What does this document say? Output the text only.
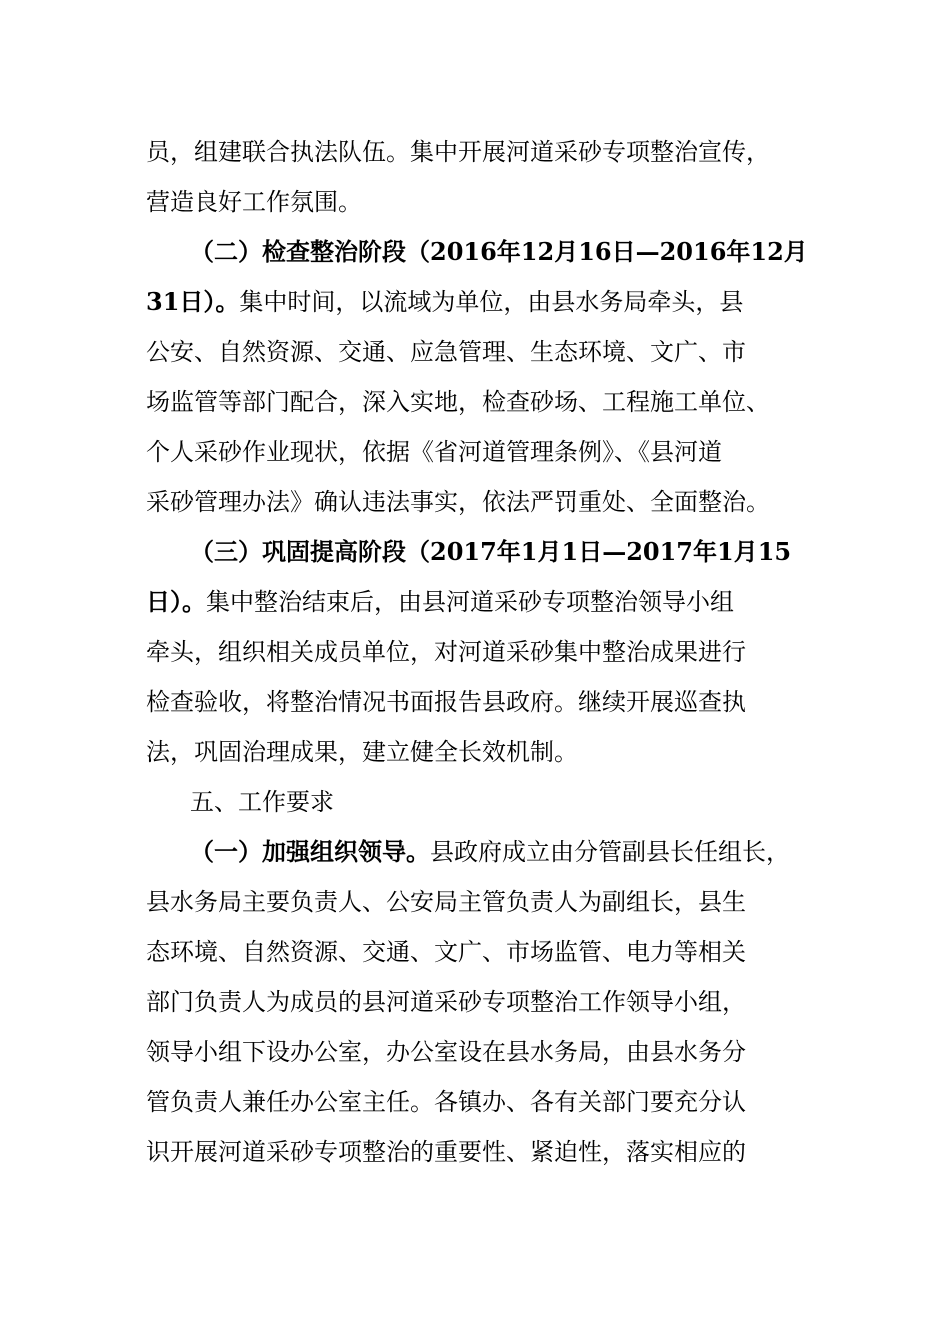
员，组建联合执法队伍。集中开展河道采砂专项整治宣传，
营造良好工作氛围。
（二）检查整治阶段（2016年12月16日—2016年12月
31日）。集中时间，以流域为单位，由县水务局牵头，县
公安、自然资源、交通、应急管理、生态环境、文广、市
场监管等部门配合，深入实地，检查砂场、工程施工单位、
个人采砂作业现状，依据《省河道管理条例》、《县河道
采砂管理办法》确认违法事实，依法严罚重处、全面整治。
（三）巩固提高阶段（2017年1月1日—2017年1月15
日）。集中整治结束后，由县河道采砂专项整治领导小组
牵头，组织相关成员单位，对河道采砂集中整治成果进行
检查验收，将整治情况书面报告县政府。继续开展巡查执
法，巩固治理成果，建立健全长效机制。
五、工作要求
（一）加强组织领导。县政府成立由分管副县长任组长，
县水务局主要负责人、公安局主管负责人为副组长，县生
态环境、自然资源、交通、文广、市场监管、电力等相关
部门负责人为成员的县河道采砂专项整治工作领导小组，
领导小组下设办公室，办公室设在县水务局，由县水务分
管负责人兼任办公室主任。各镇办、各有关部门要充分认
识开展河道采砂专项整治的重要性、紧迫性，落实相应的
